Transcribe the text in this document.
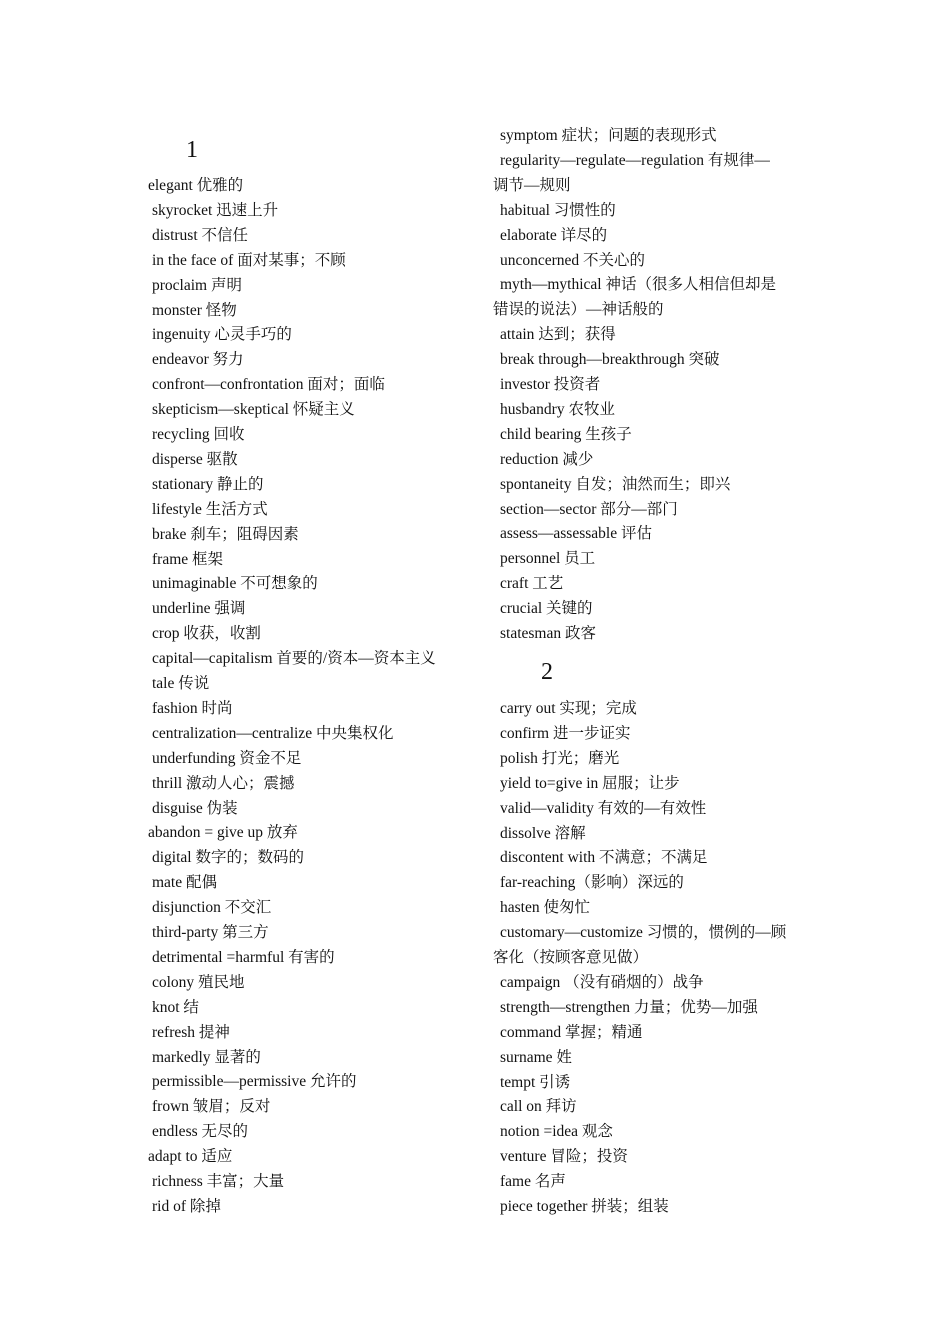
1
elegant 优雅的
skyrocket 迅速上升
distrust 不信任
in the face of 面对某事；不顾
proclaim 声明
monster 怪物
ingenuity 心灵手巧的
endeavor 努力
confront—confrontation 面对；面临
skepticism—skeptical 怀疑主义
recycling 回收
disperse 驱散
stationary 静止的
lifestyle 生活方式
brake 刹车；阻碍因素
frame 框架
unimaginable 不可想象的
underline 强调
crop 收获，收割
capital—capitalism 首要的/资本—资本主义
tale 传说
fashion 时尚
centralization—centralize 中央集权化
underfunding 资金不足
thrill 激动人心；震撼
disguise 伪装
abandon = give up 放弃
digital 数字的；数码的
mate 配偶
disjunction 不交汇
third-party 第三方
detrimental =harmful 有害的
colony 殖民地
knot 结
refresh 提神
markedly 显著的
permissible—permissive 允许的
frown 皱眉；反对
endless 无尽的
adapt to 适应
richness 丰富；大量
rid of 除掉
symptom 症状；问题的表现形式
regularity—regulate—regulation 有规律—
调节—规则
habitual 习惯性的
elaborate 详尽的
unconcerned 不关心的
myth—mythical 神话（很多人相信但却是
错误的说法）—神话般的
attain 达到；获得
break through—breakthrough 突破
investor 投资者
husbandry 农牧业
child bearing 生孩子
reduction 减少
spontaneity 自发；油然而生；即兴
section—sector 部分—部门
assess—assessable 评估
personnel 员工
craft 工艺
crucial 关键的
statesman 政客
2
carry out 实现；完成
confirm 进一步证实
polish 打光；磨光
yield to=give in 屈服；让步
valid—validity 有效的—有效性
dissolve 溶解
discontent with 不满意；不满足
far-reaching（影响）深远的
hasten 使匆忙
customary—customize 习惯的，惯例的—顾
客化（按顾客意见做）
campaign （没有硝烟的）战争
strength—strengthen 力量；优势—加强
command 掌握；精通
surname 姓
tempt 引诱
call on 拜访
notion =idea 观念
venture 冒险；投资
fame 名声
piece together 拼装；组装
